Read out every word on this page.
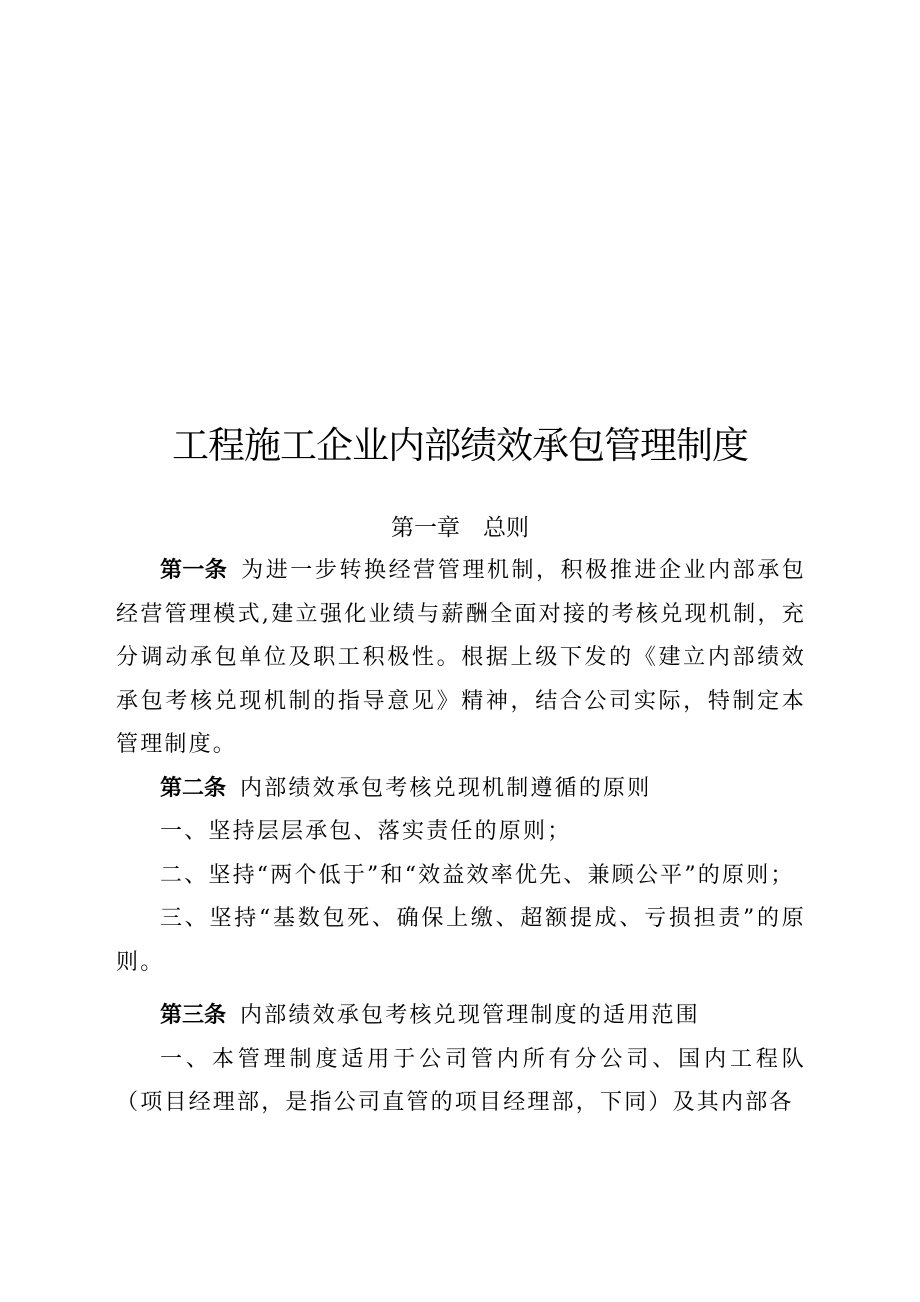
工程施工企业内部绩效承包管理制度
第一章　总则

第一条 为进一步转换经营管理机制，积极推进企业内部承包经营管理模式,建立强化业绩与薪酬全面对接的考核兑现机制，充分调动承包单位及职工积极性。根据上级下发的《建立内部绩效承包考核兑现机制的指导意见》精神，结合公司实际，特制定本管理制度。

第二条 内部绩效承包考核兑现机制遵循的原则

一、坚持层层承包、落实责任的原则；

二、坚持“两个低于”和“效益效率优先、兼顾公平”的原则；

三、坚持“基数包死、确保上缴、超额提成、亏损担责”的原则。

第三条 内部绩效承包考核兑现管理制度的适用范围

一、本管理制度适用于公司管内所有分公司、国内工程队（项目经理部，是指公司直管的项目经理部，下同）及其内部各
